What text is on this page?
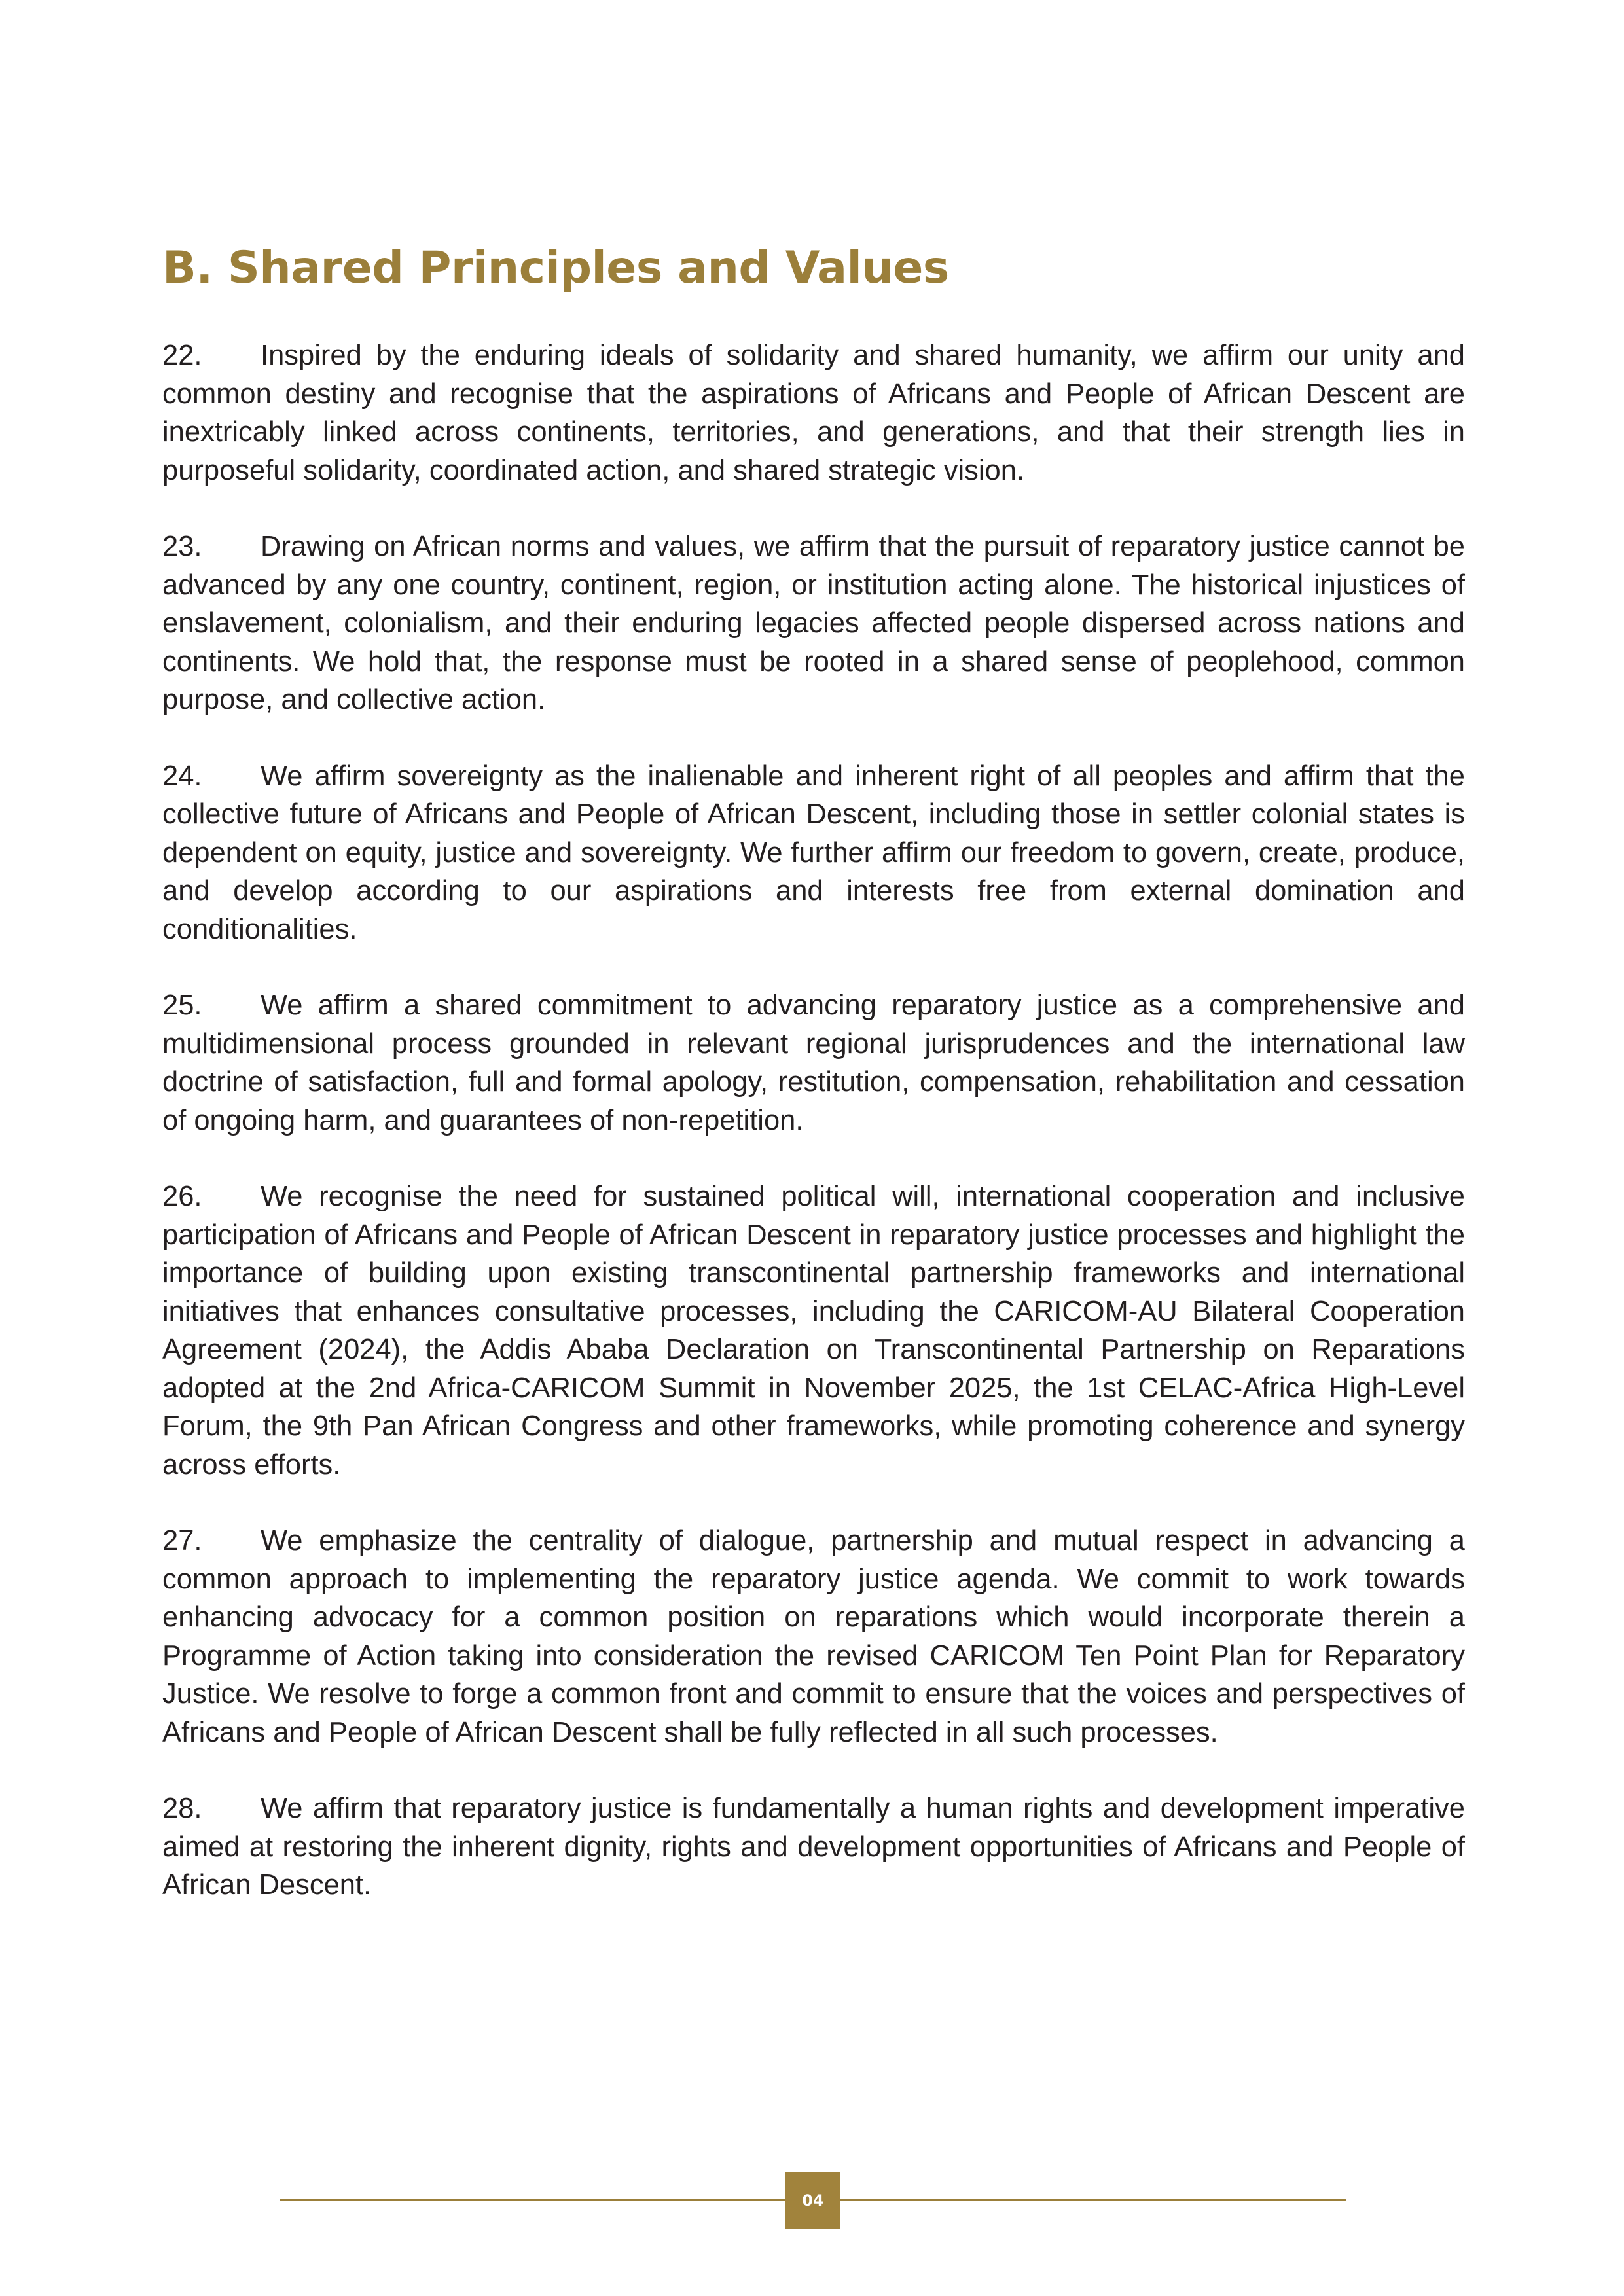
B. Shared Principles and Values

22. Inspired by the enduring ideals of solidarity and shared humanity, we affirm our unity and common destiny and recognise that the aspirations of Africans and People of African Descent are inextricably linked across continents, territories, and generations, and that their strength lies in purposeful solidarity, coordinated action, and shared strategic vision.

23. Drawing on African norms and values, we affirm that the pursuit of reparatory justice cannot be advanced by any one country, continent, region, or institution acting alone. The historical injustices of enslavement, colonialism, and their enduring legacies affected people dispersed across nations and continents. We hold that, the response must be rooted in a shared sense of peoplehood, common purpose, and collective action.

24. We affirm sovereignty as the inalienable and inherent right of all peoples and affirm that the collective future of Africans and People of African Descent, including those in settler colonial states is dependent on equity, justice and sovereignty. We further affirm our freedom to govern, create, produce, and develop according to our aspirations and interests free from external domination and conditionalities.

25. We affirm a shared commitment to advancing reparatory justice as a comprehensive and multidimensional process grounded in relevant regional jurisprudences and the international law doctrine of satisfaction, full and formal apology, restitution, compensation, rehabilitation and cessation of ongoing harm, and guarantees of non-repetition.

26. We recognise the need for sustained political will, international cooperation and inclusive participation of Africans and People of African Descent in reparatory justice processes and highlight the importance of building upon existing transcontinental partnership frameworks and international initiatives that enhances consultative processes, including the CARICOM-AU Bilateral Cooperation Agreement (2024), the Addis Ababa Declaration on Transcontinental Partnership on Reparations adopted at the 2nd Africa-CARICOM Summit in November 2025, the 1st CELAC-Africa High-Level Forum, the 9th Pan African Congress and other frameworks, while promoting coherence and synergy across efforts.

27. We emphasize the centrality of dialogue, partnership and mutual respect in advancing a common approach to implementing the reparatory justice agenda. We commit to work towards enhancing advocacy for a common position on reparations which would incorporate therein a Programme of Action taking into consideration the revised CARICOM Ten Point Plan for Reparatory Justice. We resolve to forge a common front and commit to ensure that the voices and perspectives of Africans and People of African Descent shall be fully reflected in all such processes.

28. We affirm that reparatory justice is fundamentally a human rights and development imperative aimed at restoring the inherent dignity, rights and development opportunities of Africans and People of African Descent.

04
